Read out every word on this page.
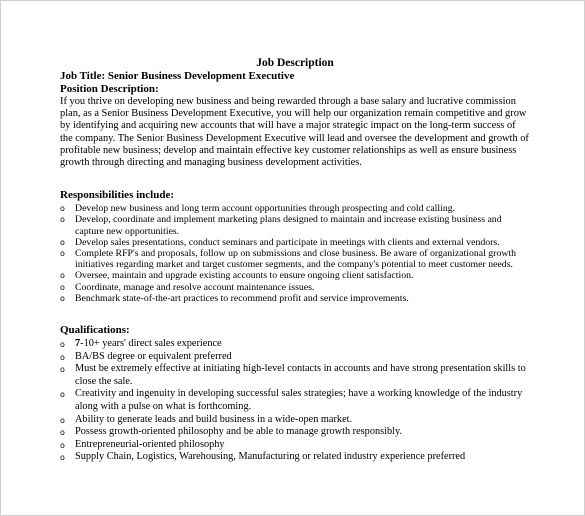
Job Description

Job Title: Senior Business Development Executive

Position Description:

If you thrive on developing new business and being rewarded through a base salary and lucrative commission plan, as a Senior Business Development Executive, you will help our organization remain competitive and grow by identifying and acquiring new accounts that will have a major strategic impact on the long-term success of the company. The Senior Business Development Executive will lead and oversee the development and growth of profitable new business; develop and maintain effective key customer relationships as well as ensure business growth through directing and managing business development activities.

Responsibilities include:

o Develop new business and long term account opportunities through prospecting and cold calling.
o Develop, coordinate and implement marketing plans designed to maintain and increase existing business and capture new opportunities.
o Develop sales presentations, conduct seminars and participate in meetings with clients and external vendors.
o Complete RFP's and proposals, follow up on submissions and close business. Be aware of organizational growth initiatives regarding market and target customer segments, and the company's potential to meet customer needs.
o Oversee, maintain and upgrade existing accounts to ensure ongoing client satisfaction.
o Coordinate, manage and resolve account maintenance issues.
o Benchmark state-of-the-art practices to recommend profit and service improvements.

Qualifications:

o 7-10+ years' direct sales experience
o BA/BS degree or equivalent preferred
o Must be extremely effective at initiating high-level contacts in accounts and have strong presentation skills to close the sale.
o Creativity and ingenuity in developing successful sales strategies; have a working knowledge of the industry along with a pulse on what is forthcoming.
o Ability to generate leads and build business in a wide-open market.
o Possess growth-oriented philosophy and be able to manage growth responsibly.
o Entrepreneurial-oriented philosophy
o Supply Chain, Logistics, Warehousing, Manufacturing or related industry experience preferred
